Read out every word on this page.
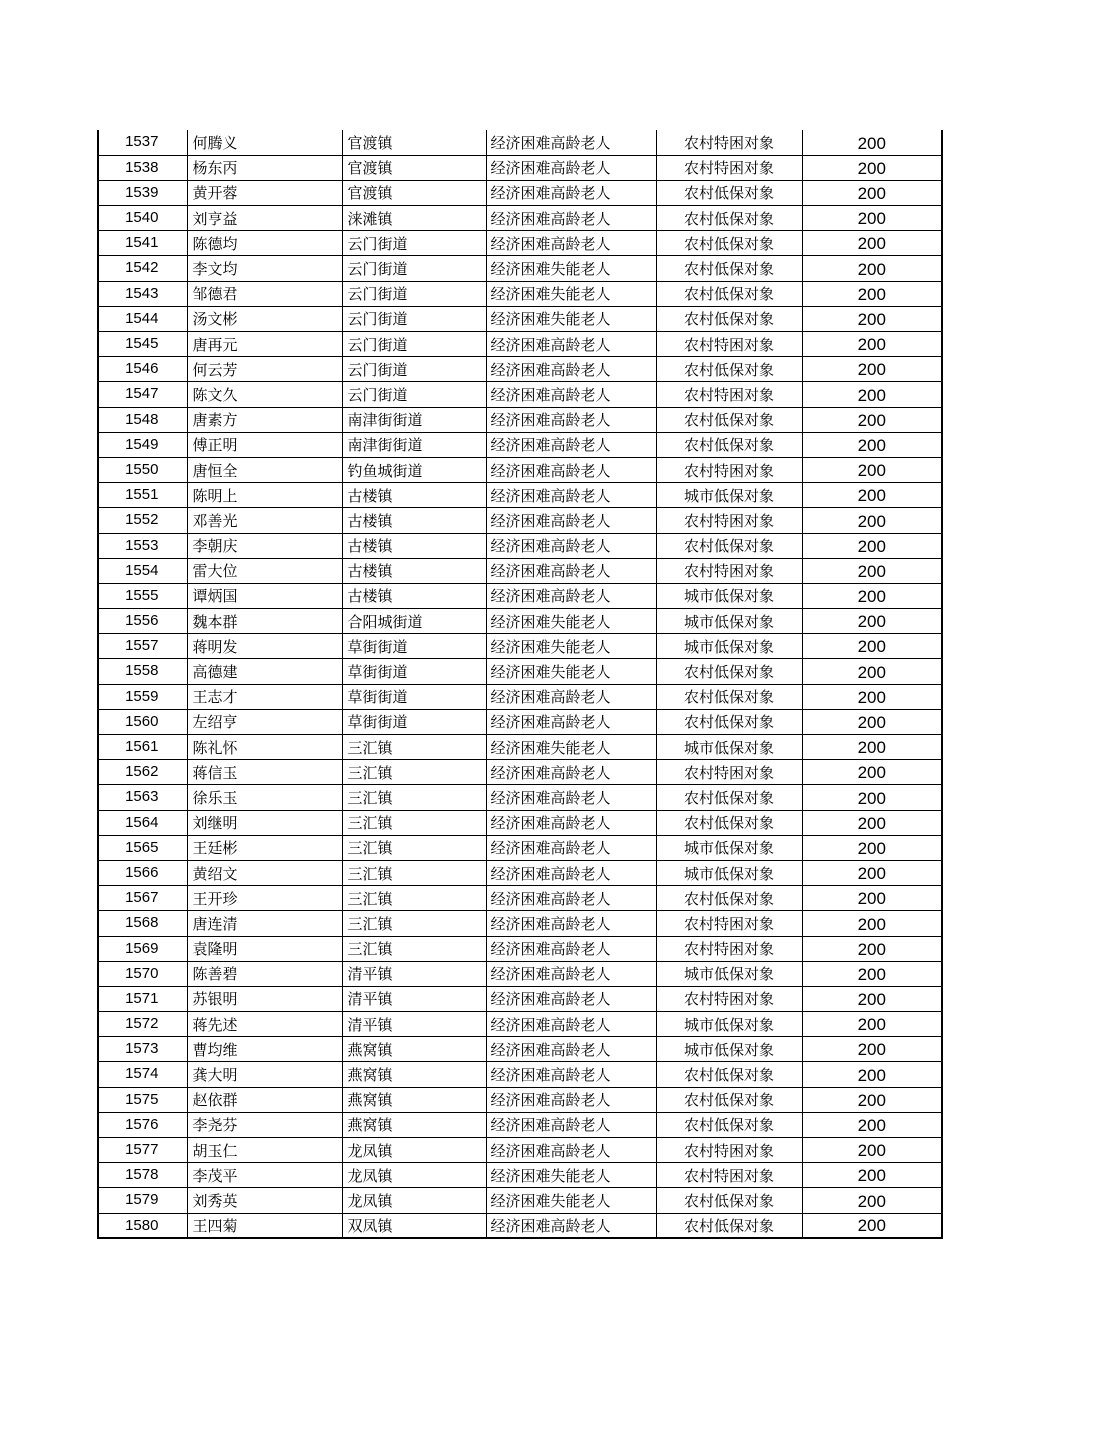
1537	何腾义	官渡镇	经济困难高龄老人	农村特困对象	200
1538	杨东丙	官渡镇	经济困难高龄老人	农村特困对象	200
1539	黄开蓉	官渡镇	经济困难高龄老人	农村低保对象	200
1540	刘亨益	涞滩镇	经济困难高龄老人	农村低保对象	200
1541	陈德均	云门街道	经济困难高龄老人	农村低保对象	200
1542	李文均	云门街道	经济困难失能老人	农村低保对象	200
1543	邹德君	云门街道	经济困难失能老人	农村低保对象	200
1544	汤文彬	云门街道	经济困难失能老人	农村低保对象	200
1545	唐再元	云门街道	经济困难高龄老人	农村特困对象	200
1546	何云芳	云门街道	经济困难高龄老人	农村低保对象	200
1547	陈文久	云门街道	经济困难高龄老人	农村特困对象	200
1548	唐素方	南津街街道	经济困难高龄老人	农村低保对象	200
1549	傅正明	南津街街道	经济困难高龄老人	农村低保对象	200
1550	唐恒全	钓鱼城街道	经济困难高龄老人	农村特困对象	200
1551	陈明上	古楼镇	经济困难高龄老人	城市低保对象	200
1552	邓善光	古楼镇	经济困难高龄老人	农村特困对象	200
1553	李朝庆	古楼镇	经济困难高龄老人	农村低保对象	200
1554	雷大位	古楼镇	经济困难高龄老人	农村特困对象	200
1555	谭炳国	古楼镇	经济困难高龄老人	城市低保对象	200
1556	魏本群	合阳城街道	经济困难失能老人	城市低保对象	200
1557	蒋明发	草街街道	经济困难失能老人	城市低保对象	200
1558	高德建	草街街道	经济困难失能老人	农村低保对象	200
1559	王志才	草街街道	经济困难高龄老人	农村低保对象	200
1560	左绍亨	草街街道	经济困难高龄老人	农村低保对象	200
1561	陈礼怀	三汇镇	经济困难失能老人	城市低保对象	200
1562	蒋信玉	三汇镇	经济困难高龄老人	农村特困对象	200
1563	徐乐玉	三汇镇	经济困难高龄老人	农村低保对象	200
1564	刘继明	三汇镇	经济困难高龄老人	农村低保对象	200
1565	王廷彬	三汇镇	经济困难高龄老人	城市低保对象	200
1566	黄绍文	三汇镇	经济困难高龄老人	城市低保对象	200
1567	王开珍	三汇镇	经济困难高龄老人	农村低保对象	200
1568	唐连清	三汇镇	经济困难高龄老人	农村特困对象	200
1569	袁隆明	三汇镇	经济困难高龄老人	农村特困对象	200
1570	陈善碧	清平镇	经济困难高龄老人	城市低保对象	200
1571	苏银明	清平镇	经济困难高龄老人	农村特困对象	200
1572	蒋先述	清平镇	经济困难高龄老人	城市低保对象	200
1573	曹均维	燕窝镇	经济困难高龄老人	城市低保对象	200
1574	龚大明	燕窝镇	经济困难高龄老人	农村低保对象	200
1575	赵依群	燕窝镇	经济困难高龄老人	农村低保对象	200
1576	李尧芬	燕窝镇	经济困难高龄老人	农村低保对象	200
1577	胡玉仁	龙凤镇	经济困难高龄老人	农村特困对象	200
1578	李茂平	龙凤镇	经济困难失能老人	农村特困对象	200
1579	刘秀英	龙凤镇	经济困难失能老人	农村低保对象	200
1580	王四菊	双凤镇	经济困难高龄老人	农村低保对象	200
